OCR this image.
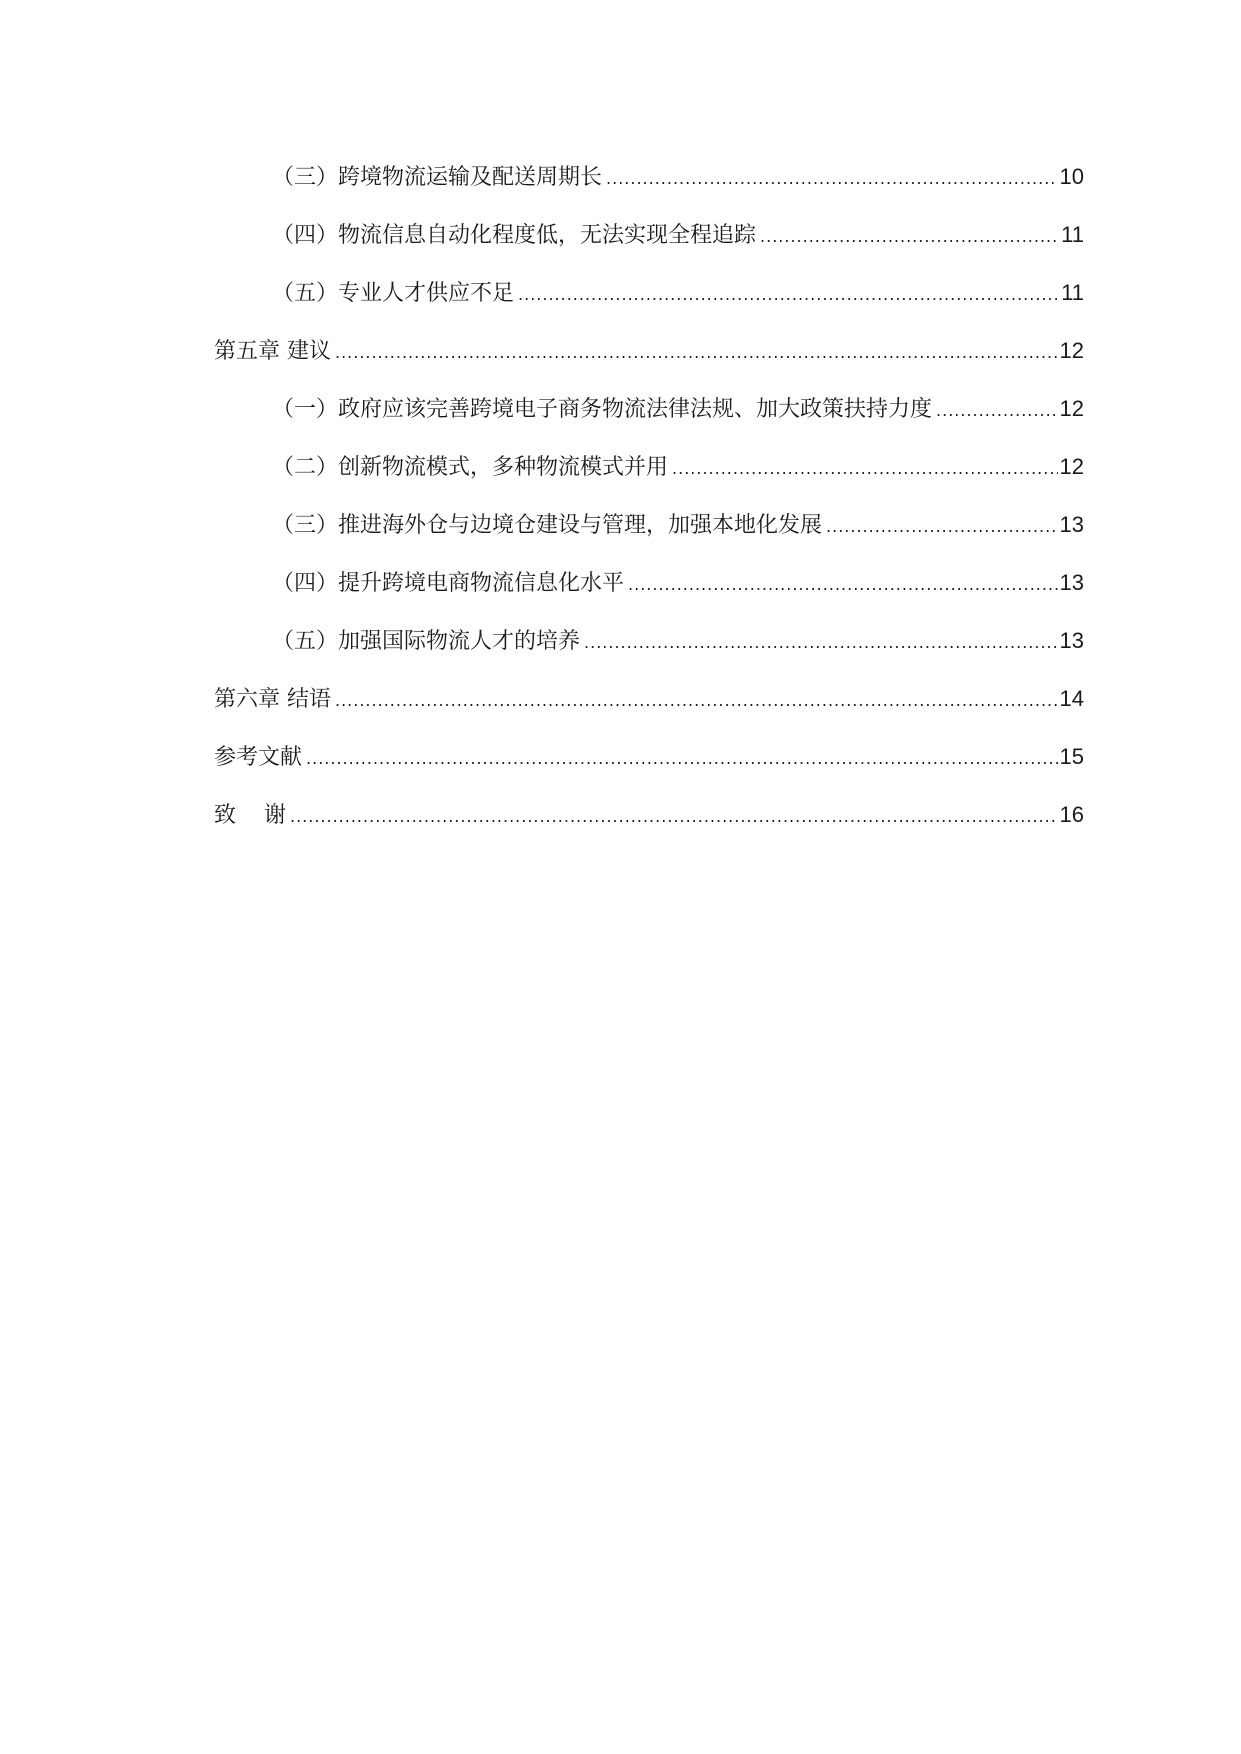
（三）跨境物流运输及配送周期长 .....	10
（四）物流信息自动化程度低，无法实现全程追踪 .....	11
（五）专业人才供应不足 .....	11
第五章 建议 .....	12
（一）政府应该完善跨境电子商务物流法律法规、加大政策扶持力度 .....	12
（二）创新物流模式，多种物流模式并用 .....	12
（三）推进海外仓与边境仓建设与管理，加强本地化发展 .....	13
（四）提升跨境电商物流信息化水平 .....	13
（五）加强国际物流人才的培养 .....	13
第六章 结语 .....	14
参考文献 .....	15
致    谢 .....	16
